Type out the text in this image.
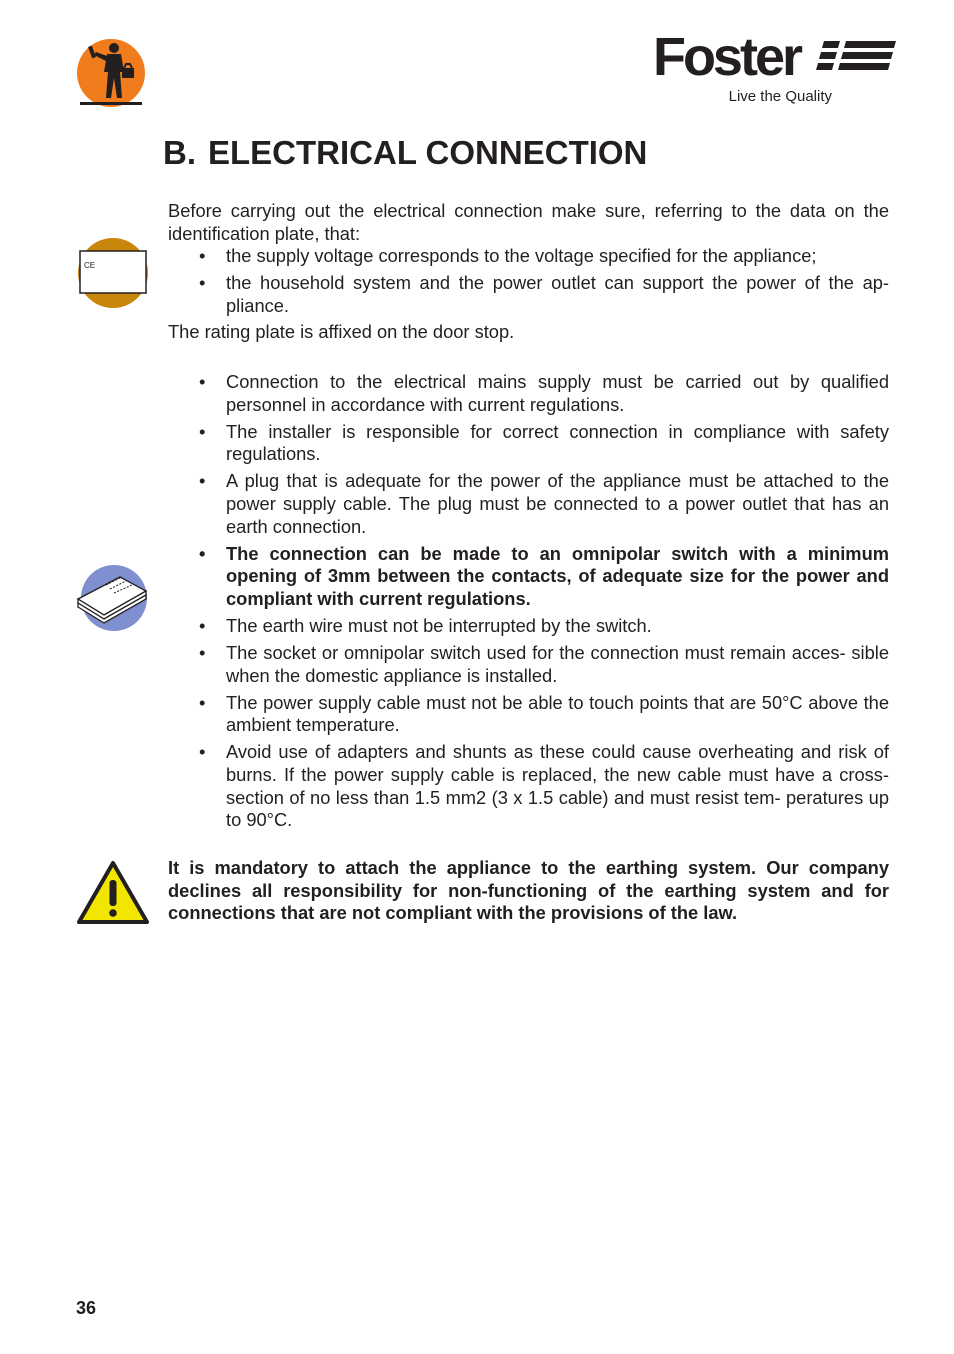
Foster
Live the Quality
B. ELECTRICAL CONNECTION
CE
Before carrying out the electrical connection make sure, referring to the data on the identification plate, that:
• the supply voltage corresponds to the voltage specified for the appliance;
• the household system and the power outlet can support the power of the ap- pliance.
The rating plate is affixed on the door stop.
• Connection to the electrical mains supply must be carried out by qualified personnel in accordance with current regulations.
• The installer is responsible for correct connection in compliance with safety regulations.
• A plug that is adequate for the power of the appliance must be attached to the power supply cable. The plug must be connected to a power outlet that has an earth connection.
• The connection can be made to an omnipolar switch with a minimum opening of 3mm between the contacts, of adequate size for the power and compliant with current regulations.
• The earth wire must not be interrupted by the switch.
• The socket or omnipolar switch used for the connection must remain acces- sible when the domestic appliance is installed.
• The power supply cable must not be able to touch points that are 50°C above the ambient temperature.
• Avoid use of adapters and shunts as these could cause overheating and risk of burns. If the power supply cable is replaced, the new cable must have a cross-section of no less than 1.5 mm2 (3 x 1.5 cable) and must resist tem- peratures up to 90°C.
It is mandatory to attach the appliance to the earthing system. Our company declines all responsibility for non-functioning of the earthing system and for connections that are not compliant with the provisions of the law.
36
